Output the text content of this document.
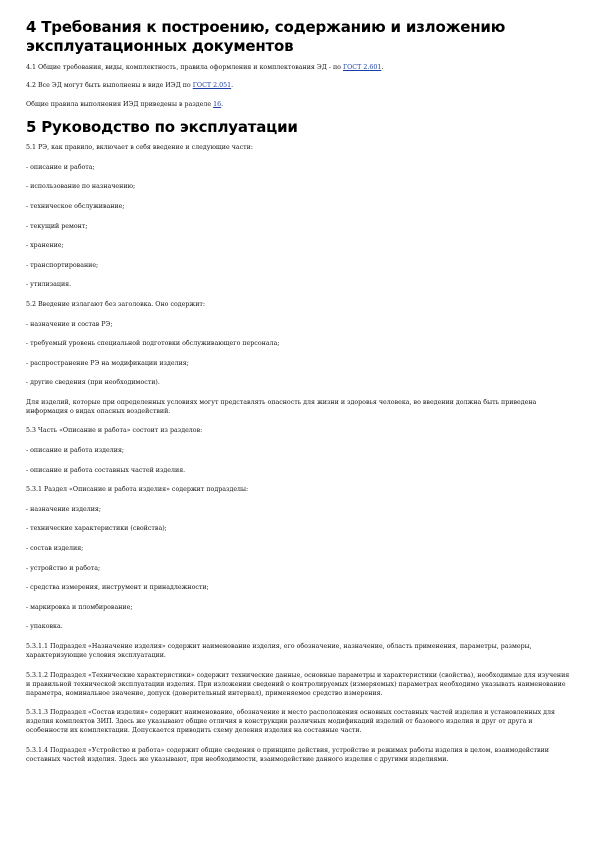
4 Требования к построению, содержанию и изложению эксплуатационных документов

4.1 Общие требования, виды, комплектность, правила оформления и комплектования ЭД - по ГОСТ 2.601.

4.2 Все ЭД могут быть выполнены в виде ИЭД по ГОСТ 2.051.

Общие правила выполнения ИЭД приведены в разделе 16.

5 Руководство по эксплуатации

5.1 РЭ, как правило, включает в себя введение и следующие части:

- описание и работа;

- использование по назначению;

- техническое обслуживание;

- текущий ремонт;

- хранение;

- транспортирование;

- утилизация.

5.2 Введение излагают без заголовка. Оно содержит:

- назначение и состав РЭ;

- требуемый уровень специальной подготовки обслуживающего персонала;

- распространение РЭ на модификации изделия;

- другие сведения (при необходимости).

Для изделий, которые при определенных условиях могут представлять опасность для жизни и здоровья человека, во введении должна быть приведена информация о видах опасных воздействий.

5.3 Часть «Описание и работа» состоит из разделов:

- описание и работа изделия;

- описание и работа составных частей изделия.

5.3.1 Раздел «Описание и работа изделия» содержит подразделы:

- назначение изделия;

- технические характеристики (свойства);

- состав изделия;

- устройство и работа;

- средства измерения, инструмент и принадлежности;

- маркировка и пломбирование;

- упаковка.

5.3.1.1 Подраздел «Назначение изделия» содержит наименование изделия, его обозначение, назначение, область применения, параметры, размеры, характеризующие условия эксплуатации.

5.3.1.2 Подраздел «Технические характеристики» содержит технические данные, основные параметры и характеристики (свойства), необходимые для изучения и правильной технической эксплуатации изделия. При изложении сведений о контролируемых (измеряемых) параметрах необходимо указывать наименование параметра, номинальное значение, допуск (доверительный интервал), применяемое средство измерения.

5.3.1.3 Подраздел «Состав изделия» содержит наименование, обозначение и место расположения основных составных частей изделия и установленных для изделия комплектов ЗИП. Здесь же указывают общие отличия в конструкции различных модификаций изделий от базового изделия и друг от друга и особенности их комплектации. Допускается приводить схему деления изделия на составные части.

5.3.1.4 Подраздел «Устройство и работа» содержит общие сведения о принципе действия, устройстве и режимах работы изделия в целом, взаимодействии составных частей изделия. Здесь же указывают, при необходимости, взаимодействие данного изделия с другими изделиями.
